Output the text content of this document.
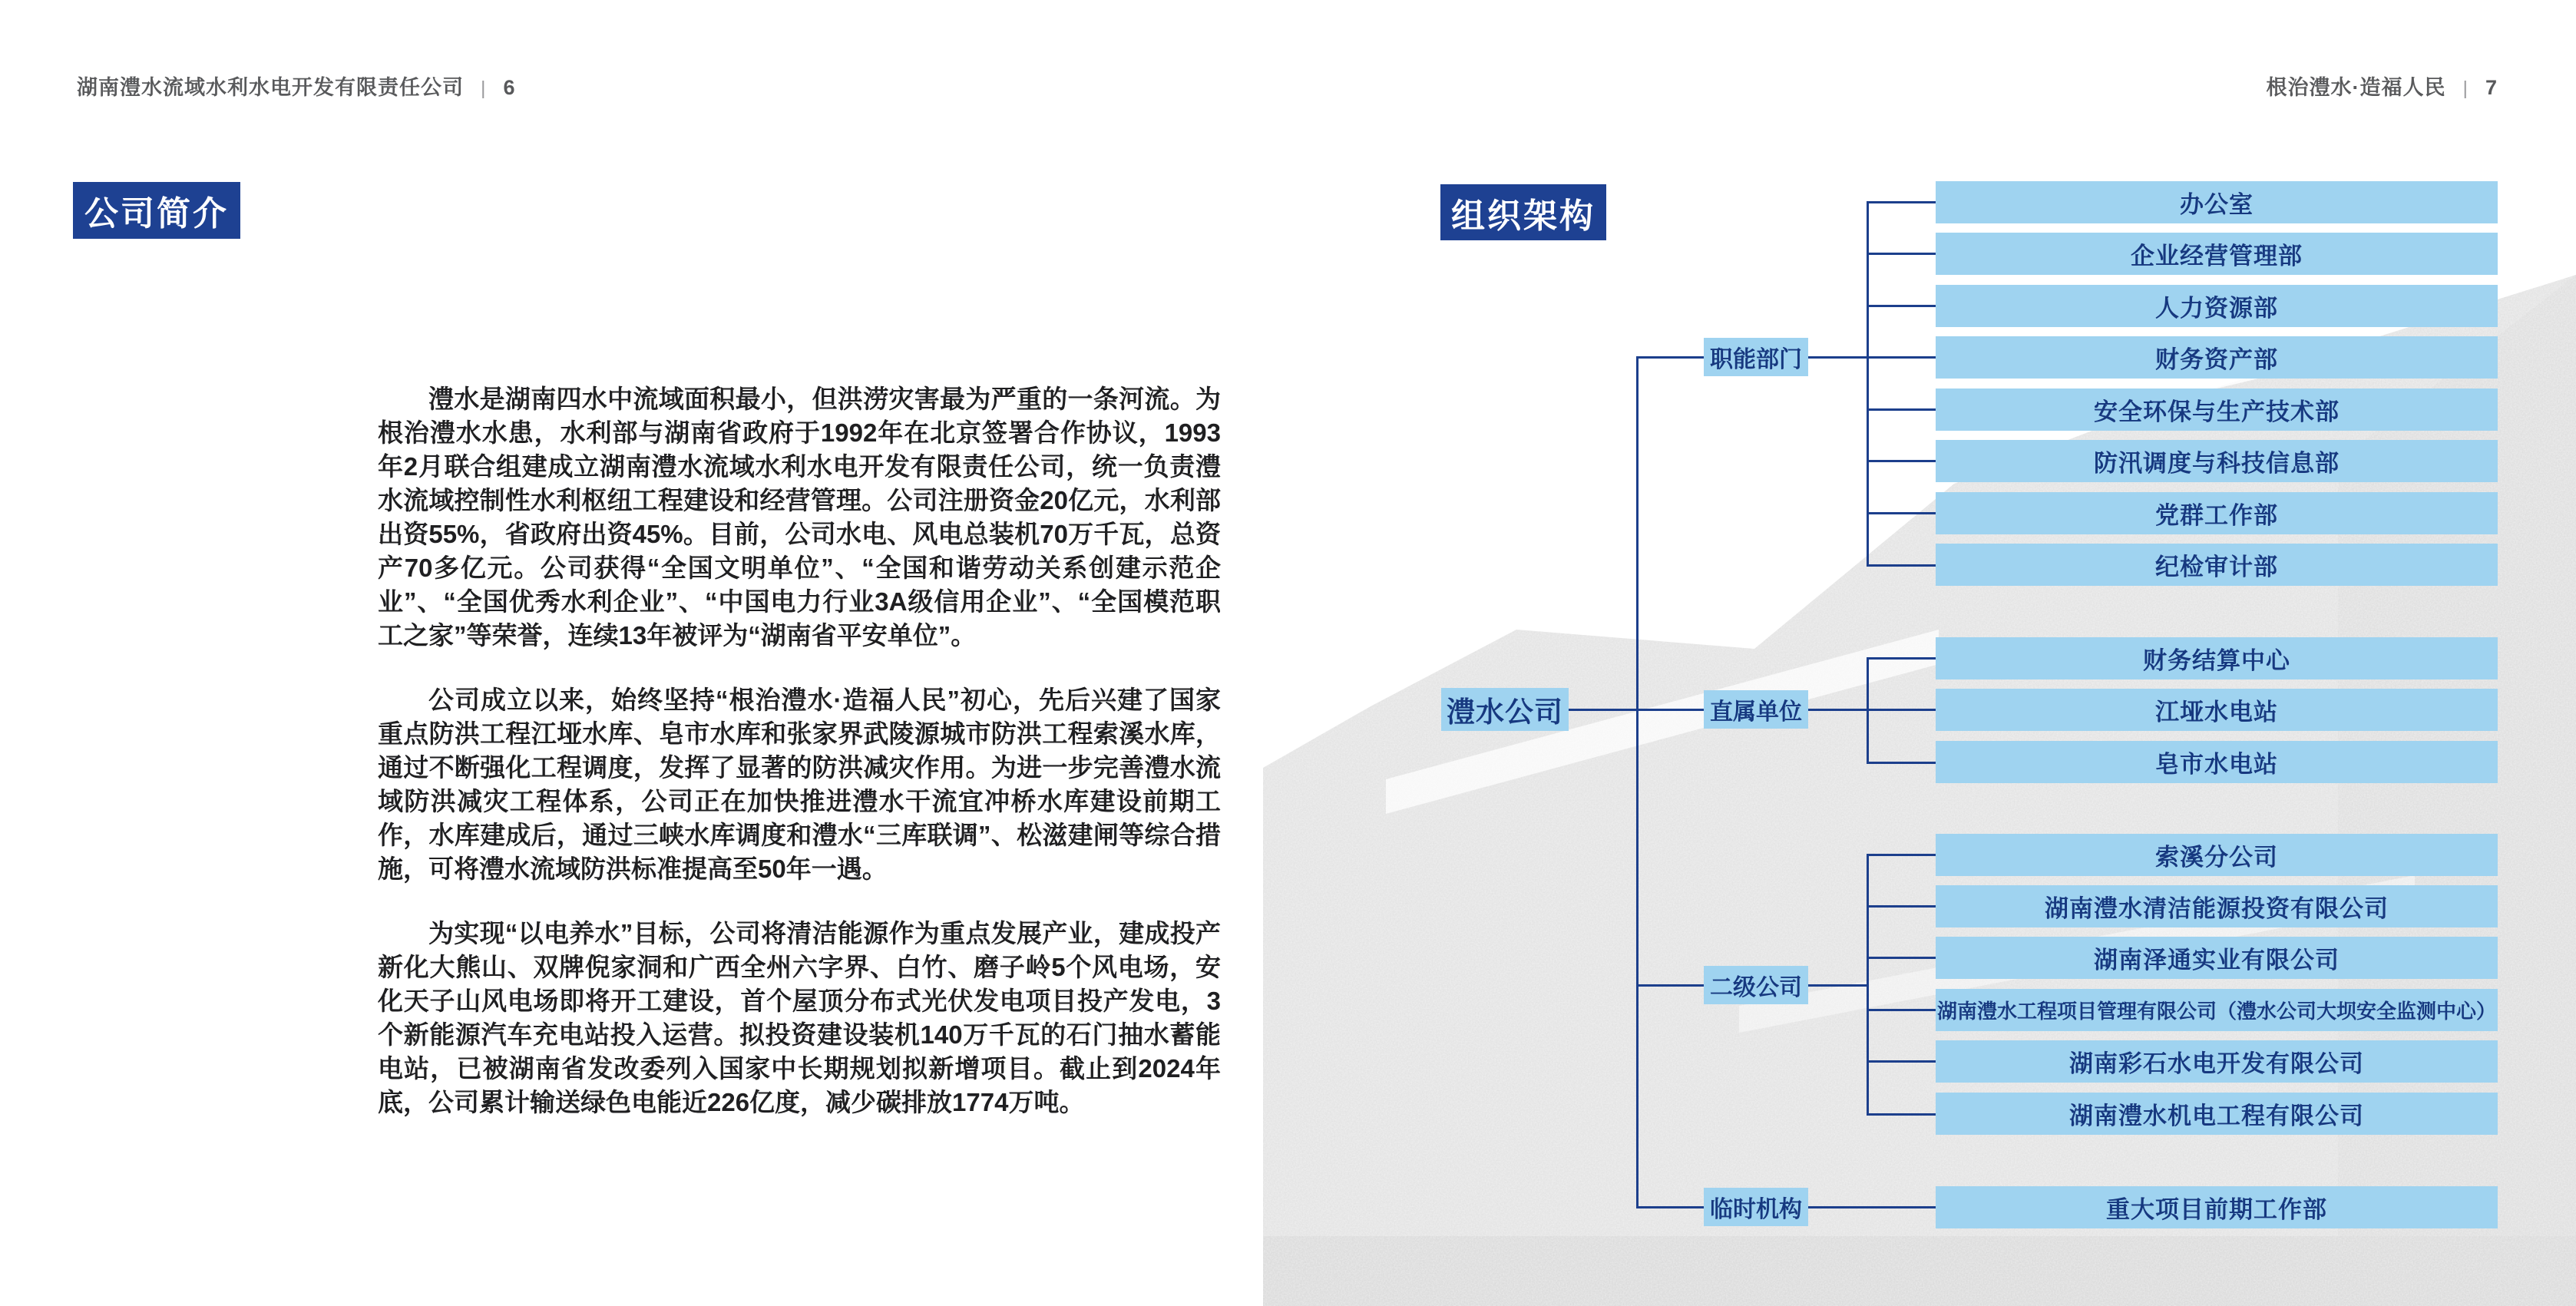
湖南澧水流域水利水电开发有限责任公司 | 6
公司简介

澧水是湖南四水中流域面积最小，但洪涝灾害最为严重的一条河流。为根治澧水水患，水利部与湖南省政府于1992年在北京签署合作协议，1993年2月联合组建成立湖南澧水流域水利水电开发有限责任公司，统一负责澧水流域控制性水利枢纽工程建设和经营管理。公司注册资金20亿元，水利部出资55%，省政府出资45%。目前，公司水电、风电总装机70万千瓦，总资产70多亿元。公司获得“全国文明单位”、“全国和谐劳动关系创建示范企业”、“全国优秀水利企业”、“中国电力行业3A级信用企业”、“全国模范职工之家”等荣誉，连续13年被评为“湖南省平安单位”。

公司成立以来，始终坚持“根治澧水·造福人民”初心，先后兴建了国家重点防洪工程江垭水库、皂市水库和张家界武陵源城市防洪工程索溪水库，通过不断强化工程调度，发挥了显著的防洪减灾作用。为进一步完善澧水流域防洪减灾工程体系，公司正在加快推进澧水干流宜冲桥水库建设前期工作，水库建成后，通过三峡水库调度和澧水“三库联调”、松滋建闸等综合措施，可将澧水流域防洪标准提高至50年一遇。

为实现“以电养水”目标，公司将清洁能源作为重点发展产业，建成投产新化大熊山、双牌倪家洞和广西全州六字界、白竹、磨子岭5个风电场，安化天子山风电场即将开工建设，首个屋顶分布式光伏发电项目投产发电，3个新能源汽车充电站投入运营。拟投资建设装机140万千瓦的石门抽水蓄能电站，已被湖南省发改委列入国家中长期规划拟新增项目。截止到2024年底，公司累计输送绿色电能近226亿度，减少碳排放1774万吨。

根治澧水·造福人民 | 7
组织架构
澧水公司
职能部门
直属单位
二级公司
临时机构
办公室
企业经营管理部
人力资源部
财务资产部
安全环保与生产技术部
防汛调度与科技信息部
党群工作部
纪检审计部
财务结算中心
江垭水电站
皂市水电站
索溪分公司
湖南澧水清洁能源投资有限公司
湖南泽通实业有限公司
湖南澧水工程项目管理有限公司（澧水公司大坝安全监测中心）
湖南彩石水电开发有限公司
湖南澧水机电工程有限公司
重大项目前期工作部
